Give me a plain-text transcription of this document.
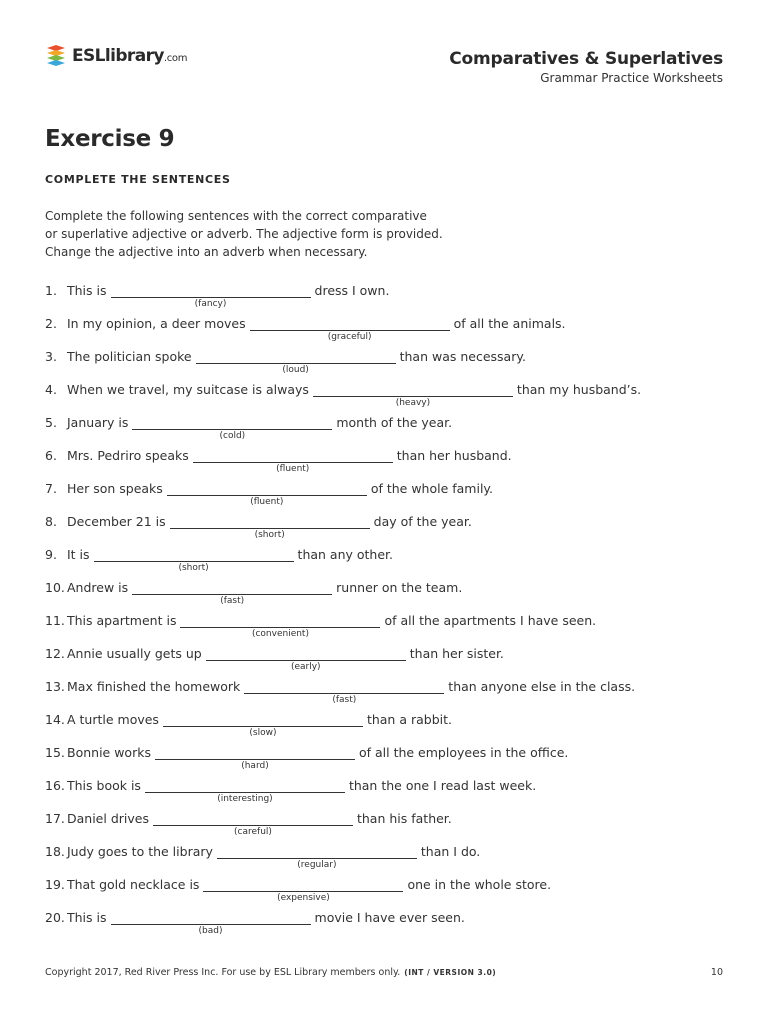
ESLlibrary.com	Comparatives & Superlatives
Grammar Practice Worksheets
Exercise 9
COMPLETE THE SENTENCES
Complete the following sentences with the correct comparative
or superlative adjective or adverb. The adjective form is provided.
Change the adjective into an adverb when necessary.
1. This is
(fancy)
dress I own.
2. In my opinion, a deer moves
(graceful)
of all the animals.
3. The politician spoke
(loud)
than was necessary.
4. When we travel, my suitcase is always
(heavy)
than my husband’s.
5. January is
(cold)
month of the year.
6. Mrs. Pedriro speaks
(fluent)
than her husband.
7. Her son speaks
(fluent)
of the whole family.
8. December 21 is
(short)
day of the year.
9. It is
(short)
than any other.
10. Andrew is
(fast)
runner on the team.
11. This apartment is
(convenient)
of all the apartments I have seen.
12. Annie usually gets up
(early)
than her sister.
13. Max finished the homework
(fast)
than anyone else in the class.
14. A turtle moves
(slow)
than a rabbit.
15. Bonnie works
(hard)
of all the employees in the office.
16. This book is
(interesting)
than the one I read last week.
17. Daniel drives
(careful)
than his father.
18. Judy goes to the library
(regular)
than I do.
19. That gold necklace is
(expensive)
one in the whole store.
20. This is
(bad)
movie I have ever seen.
Copyright 2017, Red River Press Inc. For use by ESL Library members only. (INT / VERSION 3.0)	10
